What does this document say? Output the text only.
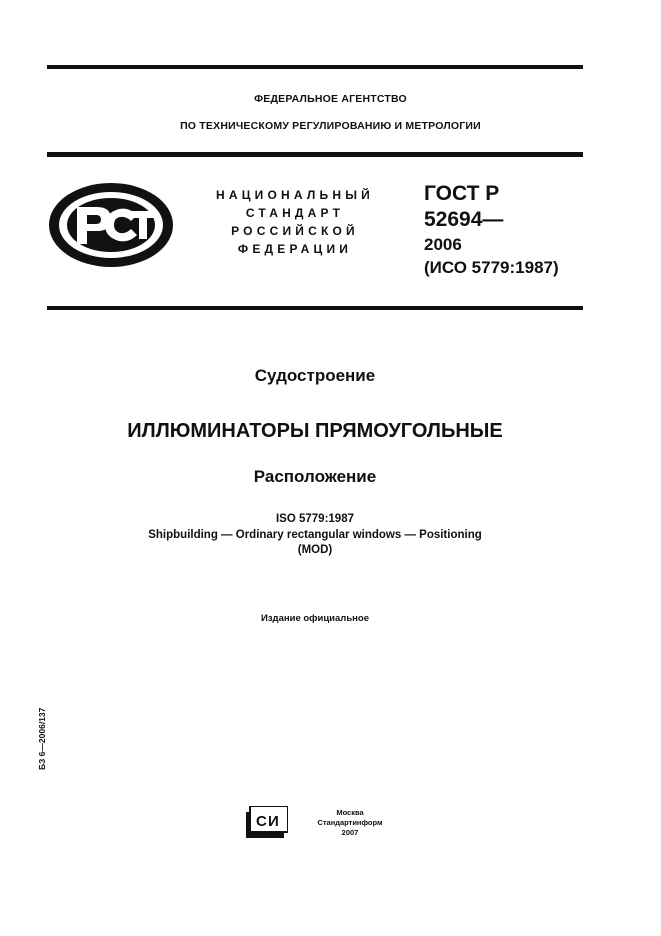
ФЕДЕРАЛЬНОЕ АГЕНТСТВО
ПО ТЕХНИЧЕСКОМУ РЕГУЛИРОВАНИЮ И МЕТРОЛОГИИ
НАЦИОНАЛЬНЫЙ
СТАНДАРТ
РОССИЙСКОЙ
ФЕДЕРАЦИИ
ГОСТ Р
52694—
2006
(ИСО 5779:1987)
Судостроение
ИЛЛЮМИНАТОРЫ ПРЯМОУГОЛЬНЫЕ
Расположение
ISO 5779:1987
Shipbuilding — Ordinary rectangular windows — Positioning
(MOD)
Издание официальное
БЗ 6—2006/137
C И
Москва
Стандартинформ
2007
